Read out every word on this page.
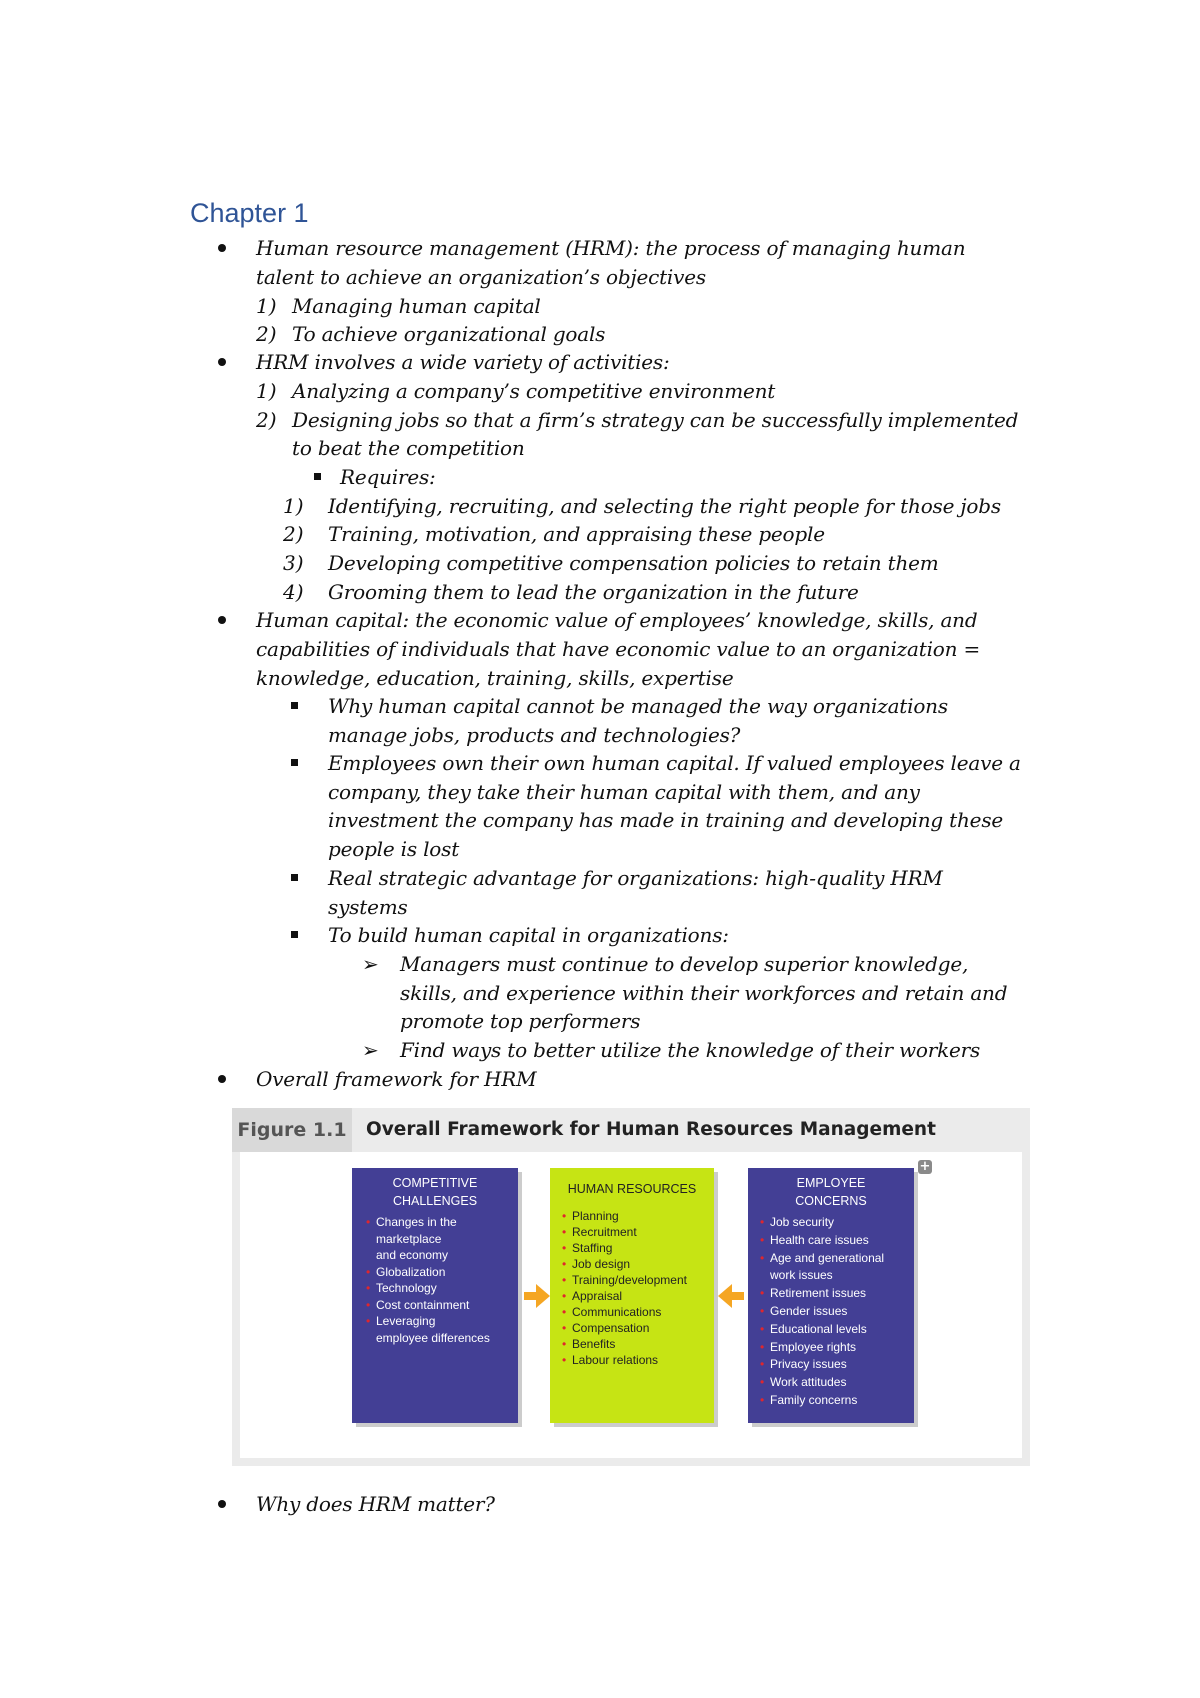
Chapter 1
Human resource management (HRM): the process of managing human
talent to achieve an organization’s objectives
1) Managing human capital
2) To achieve organizational goals
HRM involves a wide variety of activities:
1) Analyzing a company’s competitive environment
2) Designing jobs so that a firm’s strategy can be successfully implemented
to beat the competition
Requires:
1) Identifying, recruiting, and selecting the right people for those jobs
2) Training, motivation, and appraising these people
3) Developing competitive compensation policies to retain them
4) Grooming them to lead the organization in the future
Human capital: the economic value of employees’ knowledge, skills, and
capabilities of individuals that have economic value to an organization =
knowledge, education, training, skills, expertise
Why human capital cannot be managed the way organizations
manage jobs, products and technologies?
Employees own their own human capital. If valued employees leave a
company, they take their human capital with them, and any
investment the company has made in training and developing these
people is lost
Real strategic advantage for organizations: high-quality HRM
systems
To build human capital in organizations:
➢ Managers must continue to develop superior knowledge,
skills, and experience within their workforces and retain and
promote top performers
➢ Find ways to better utilize the knowledge of their workers
Overall framework for HRM
Figure 1.1 Overall Framework for Human Resources Management
+
COMPETITIVE
CHALLENGES
• Changes in the
marketplace
and economy
• Globalization
• Technology
• Cost containment
• Leveraging
employee differences
HUMAN RESOURCES
• Planning
• Recruitment
• Staffing
• Job design
• Training/development
• Appraisal
• Communications
• Compensation
• Benefits
• Labour relations
EMPLOYEE
CONCERNS
• Job security
• Health care issues
• Age and generational
work issues
• Retirement issues
• Gender issues
• Educational levels
• Employee rights
• Privacy issues
• Work attitudes
• Family concerns
Why does HRM matter?
